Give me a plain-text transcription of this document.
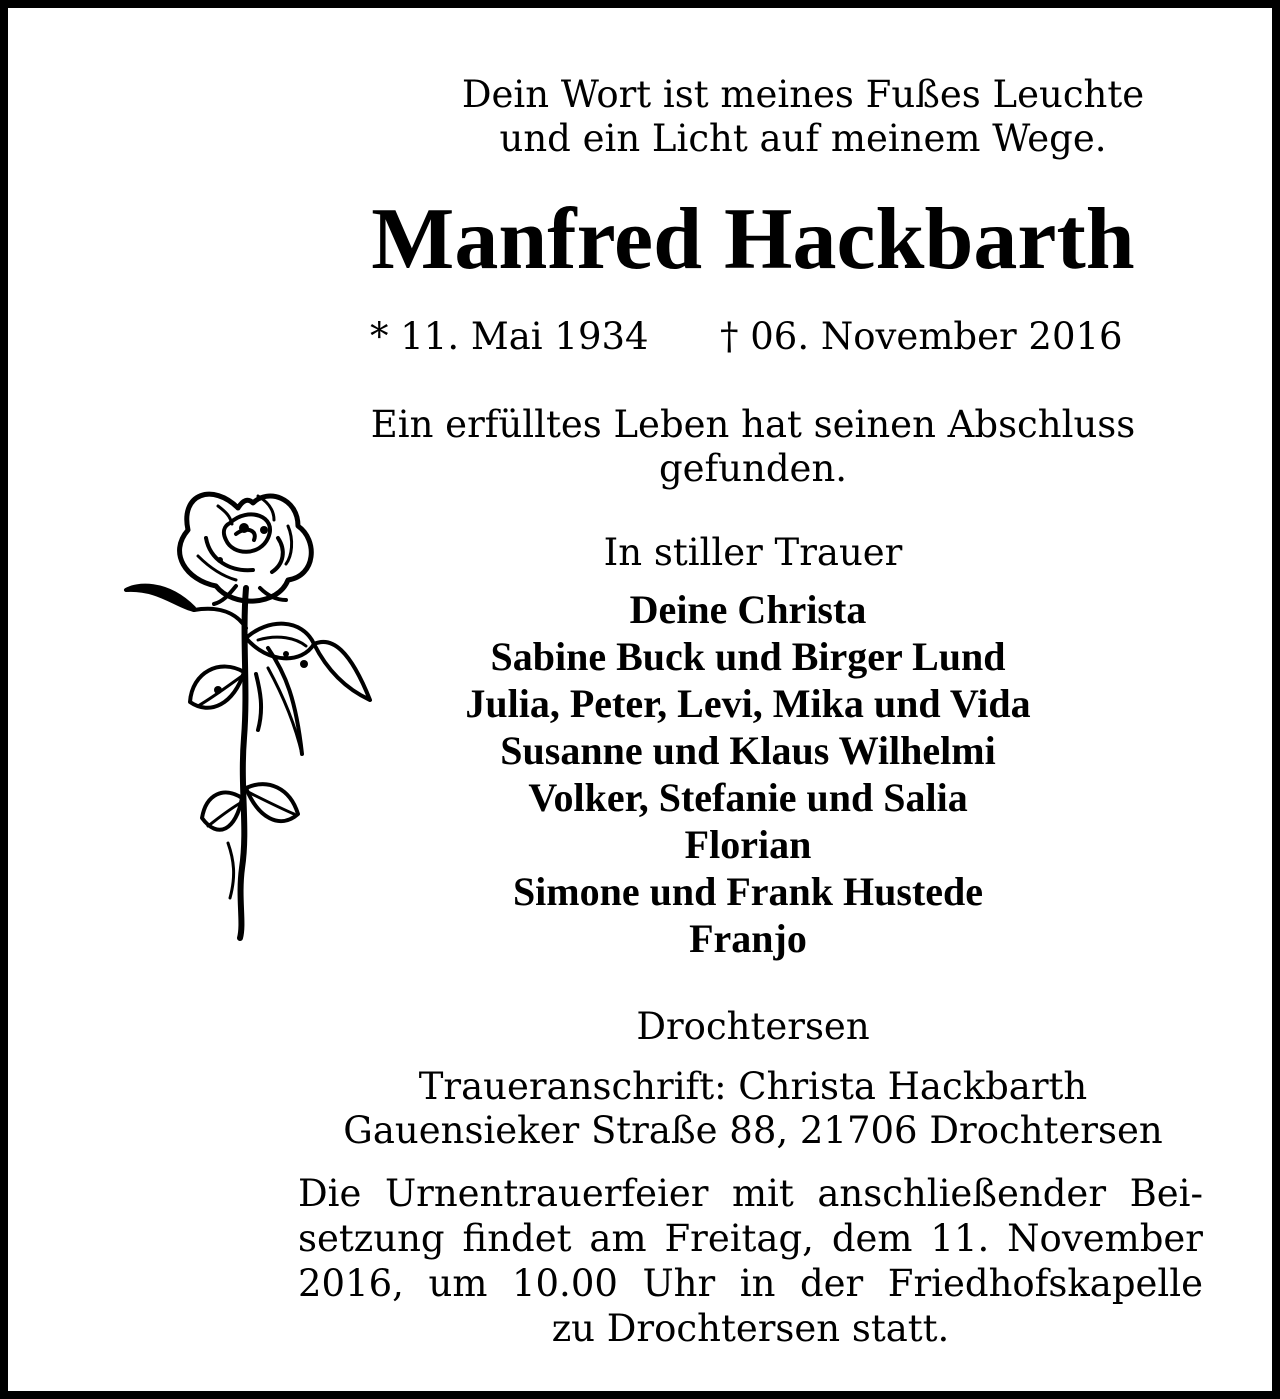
Dein Wort ist meines Fußes Leuchte
und ein Licht auf meinem Wege.
Manfred Hackbarth
* 11. Mai 1934 † 06. November 2016
Ein erfülltes Leben hat seinen Abschluss
gefunden.
In stiller Trauer
Deine Christa
Sabine Buck und Birger Lund
Julia, Peter, Levi, Mika und Vida
Susanne und Klaus Wilhelmi
Volker, Stefanie und Salia
Florian
Simone und Frank Hustede
Franjo
Drochtersen
Traueranschrift: Christa Hackbarth
Gauensieker Straße 88, 21706 Drochtersen
Die Urnentrauerfeier mit anschließender Bei-
setzung findet am Freitag, dem 11. November
2016, um 10.00 Uhr in der Friedhofskapelle
zu Drochtersen statt.
